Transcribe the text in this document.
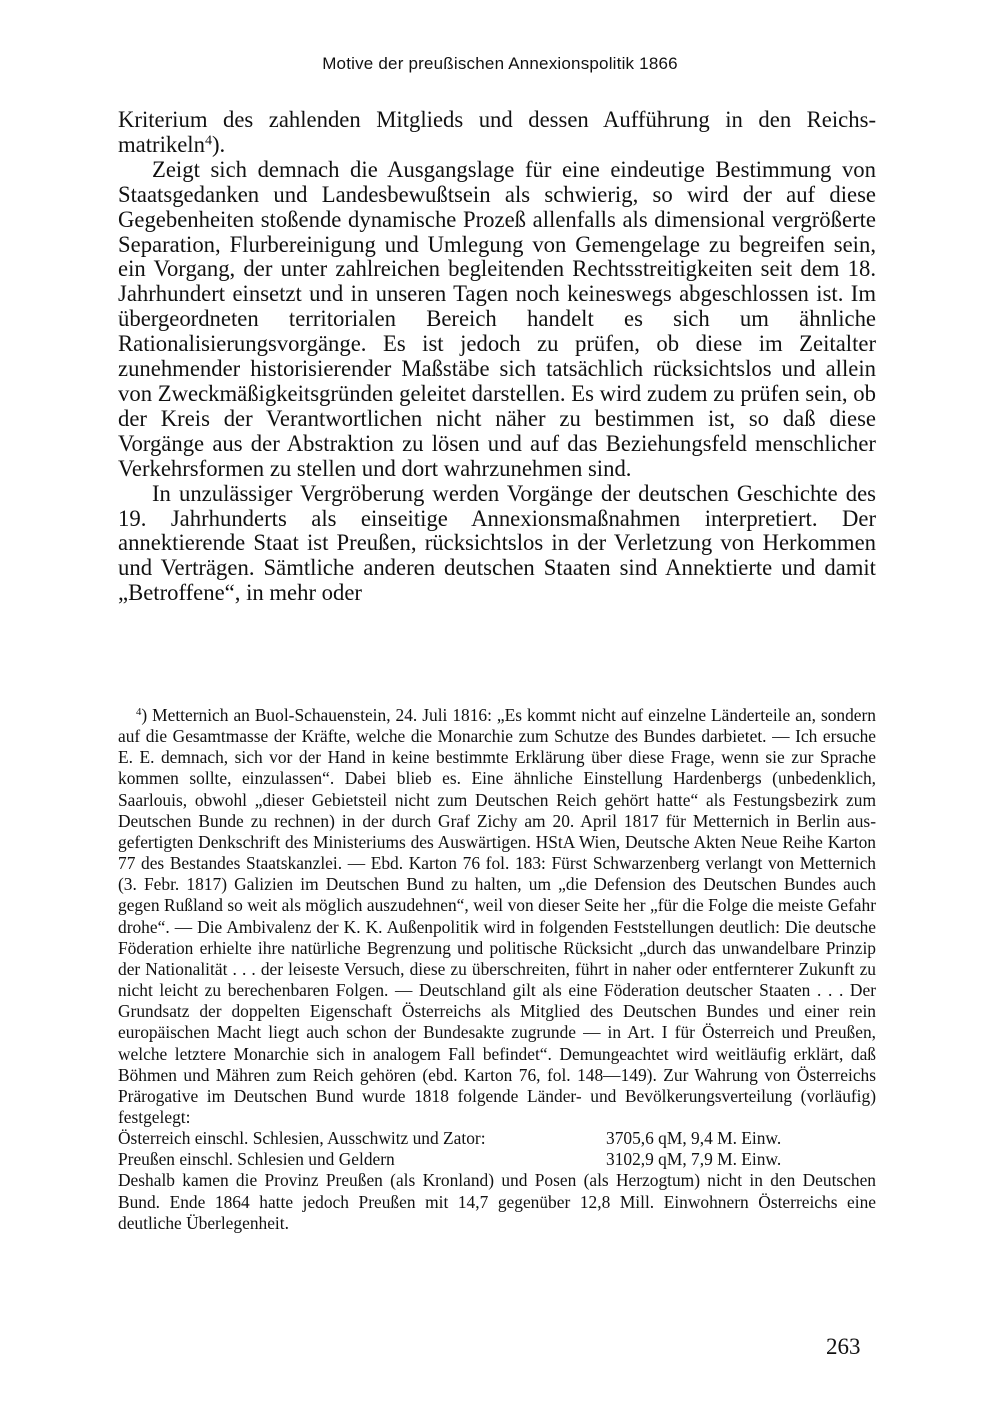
Motive der preußischen Annexionspolitik 1866

Kriterium des zahlenden Mitglieds und dessen Aufführung in den Reichsmatrikeln$^4$).

Zeigt sich demnach die Ausgangslage für eine eindeutige Bestimmung von Staatsgedanken und Landesbewußtsein als schwierig, so wird der auf diese Gegebenheiten stoßende dynamische Prozeß allenfalls als dimensional vergrößerte Separation, Flurbereinigung und Umlegung von Gemengelage zu begreifen sein, ein Vorgang, der unter zahlreichen begleitenden Rechtsstreitigkeiten seit dem 18. Jahrhundert einsetzt und in unseren Tagen noch keineswegs abgeschlossen ist. Im übergeordneten territorialen Bereich handelt es sich um ähnliche Rationalisierungsvorgänge. Es ist jedoch zu prüfen, ob diese im Zeitalter zunehmender historisierender Maßstäbe sich tatsächlich rücksichtslos und allein von Zweckmäßigkeitsgründen geleitet darstellen. Es wird zudem zu prüfen sein, ob der Kreis der Verantwortlichen nicht näher zu bestimmen ist, so daß diese Vorgänge aus der Abstraktion zu lösen und auf das Beziehungsfeld menschlicher Verkehrsformen zu stellen und dort wahrzunehmen sind.

In unzulässiger Vergröberung werden Vorgänge der deutschen Geschichte des 19. Jahrhunderts als einseitige Annexionsmaßnahmen interpretiert. Der annektierende Staat ist Preußen, rücksichtslos in der Verletzung von Herkommen und Verträgen. Sämtliche anderen deutschen Staaten sind Annektierte und damit „Betroffene“, in mehr oder

$^4$) Metternich an Buol-Schauenstein, 24. Juli 1816: „Es kommt nicht auf einzelne Länderteile an, sondern auf die Gesamtmasse der Kräfte, welche die Monarchie zum Schutze des Bundes darbietet. — Ich ersuche E. E. demnach, sich vor der Hand in keine bestimmte Erklärung über diese Frage, wenn sie zur Sprache kommen sollte, einzulassen“. Dabei blieb es. Eine ähnliche Einstellung Hardenbergs (unbedenklich, Saarlouis, obwohl „dieser Gebietsteil nicht zum Deutschen Reich gehört hatte“ als Festungsbezirk zum Deutschen Bunde zu rechnen) in der durch Graf Zichy am 20. April 1817 für Metternich in Berlin ausgefertigten Denkschrift des Ministeriums des Auswärtigen. HStA Wien, Deutsche Akten Neue Reihe Karton 77 des Bestandes Staatskanzlei. — Ebd. Karton 76 fol. 183: Fürst Schwarzenberg verlangt von Metternich (3. Febr. 1817) Galizien im Deutschen Bund zu halten, um „die Defension des Deutschen Bundes auch gegen Rußland so weit als möglich auszudehnen“, weil von dieser Seite her „für die Folge die meiste Gefahr drohe“. — Die Ambivalenz der K. K. Außenpolitik wird in folgenden Feststellungen deutlich: Die deutsche Föderation erhielte ihre natürliche Begrenzung und politische Rücksicht „durch das unwandelbare Prinzip der Nationalität . . . der leiseste Versuch, diese zu überschreiten, führt in naher oder entfernterer Zukunft zu nicht leicht zu berechenbaren Folgen. — Deutschland gilt als eine Föderation deutscher Staaten . . . Der Grundsatz der doppelten Eigenschaft Österreichs als Mitglied des Deutschen Bundes und einer rein europäischen Macht liegt auch schon der Bundesakte zugrunde — in Art. I für Österreich und Preußen, welche letztere Monarchie sich in analogem Fall befindet“. Demungeachtet wird weitläufig erklärt, daß Böhmen und Mähren zum Reich gehören (ebd. Karton 76, fol. 148—149). Zur Wahrung von Österreichs Prärogative im Deutschen Bund wurde 1818 folgende Länder- und Bevölkerungsverteilung (vorläufig) festgelegt:

Österreich einschl. Schlesien, Ausschwitz und Zator:	3705,6 qM, 9,4 M. Einw.
Preußen einschl. Schlesien und Geldern	3102,9 qM, 7,9 M. Einw.

Deshalb kamen die Provinz Preußen (als Kronland) und Posen (als Herzogtum) nicht in den Deutschen Bund. Ende 1864 hatte jedoch Preußen mit 14,7 gegenüber 12,8 Mill. Einwohnern Österreichs eine deutliche Überlegenheit.

263
